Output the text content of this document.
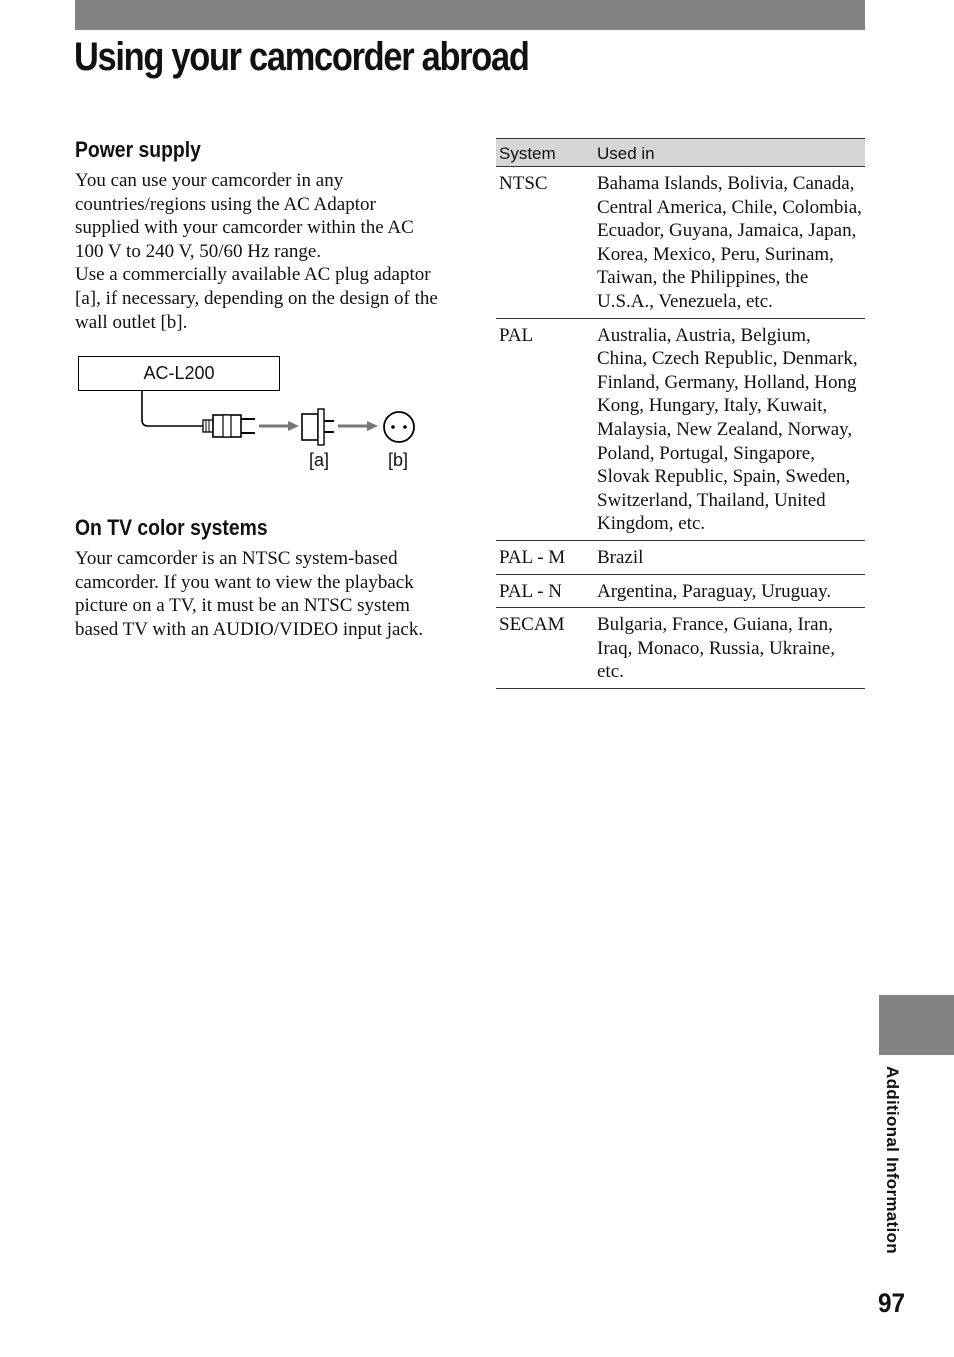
Using your camcorder abroad
Power supply

You can use your camcorder in any countries/regions using the AC Adaptor supplied with your camcorder within the AC 100 V to 240 V, 50/60 Hz range.
Use a commercially available AC plug adaptor [a], if necessary, depending on the design of the wall outlet [b].

AC-L200
[a]	[b]
On TV color systems

Your camcorder is an NTSC system-based camcorder. If you want to view the playback picture on a TV, it must be an NTSC system based TV with an AUDIO/VIDEO input jack.

System	Used in
NTSC	Bahama Islands, Bolivia, Canada, Central America, Chile, Colombia, Ecuador, Guyana, Jamaica, Japan, Korea, Mexico, Peru, Surinam, Taiwan, the Philippines, the U.S.A., Venezuela, etc.
PAL	Australia, Austria, Belgium, China, Czech Republic, Denmark, Finland, Germany, Holland, Hong Kong, Hungary, Italy, Kuwait, Malaysia, New Zealand, Norway, Poland, Portugal, Singapore, Slovak Republic, Spain, Sweden, Switzerland, Thailand, United Kingdom, etc.
PAL - M	Brazil
PAL - N	Argentina, Paraguay, Uruguay.
SECAM	Bulgaria, France, Guiana, Iran, Iraq, Monaco, Russia, Ukraine, etc.
Additional Information
97
